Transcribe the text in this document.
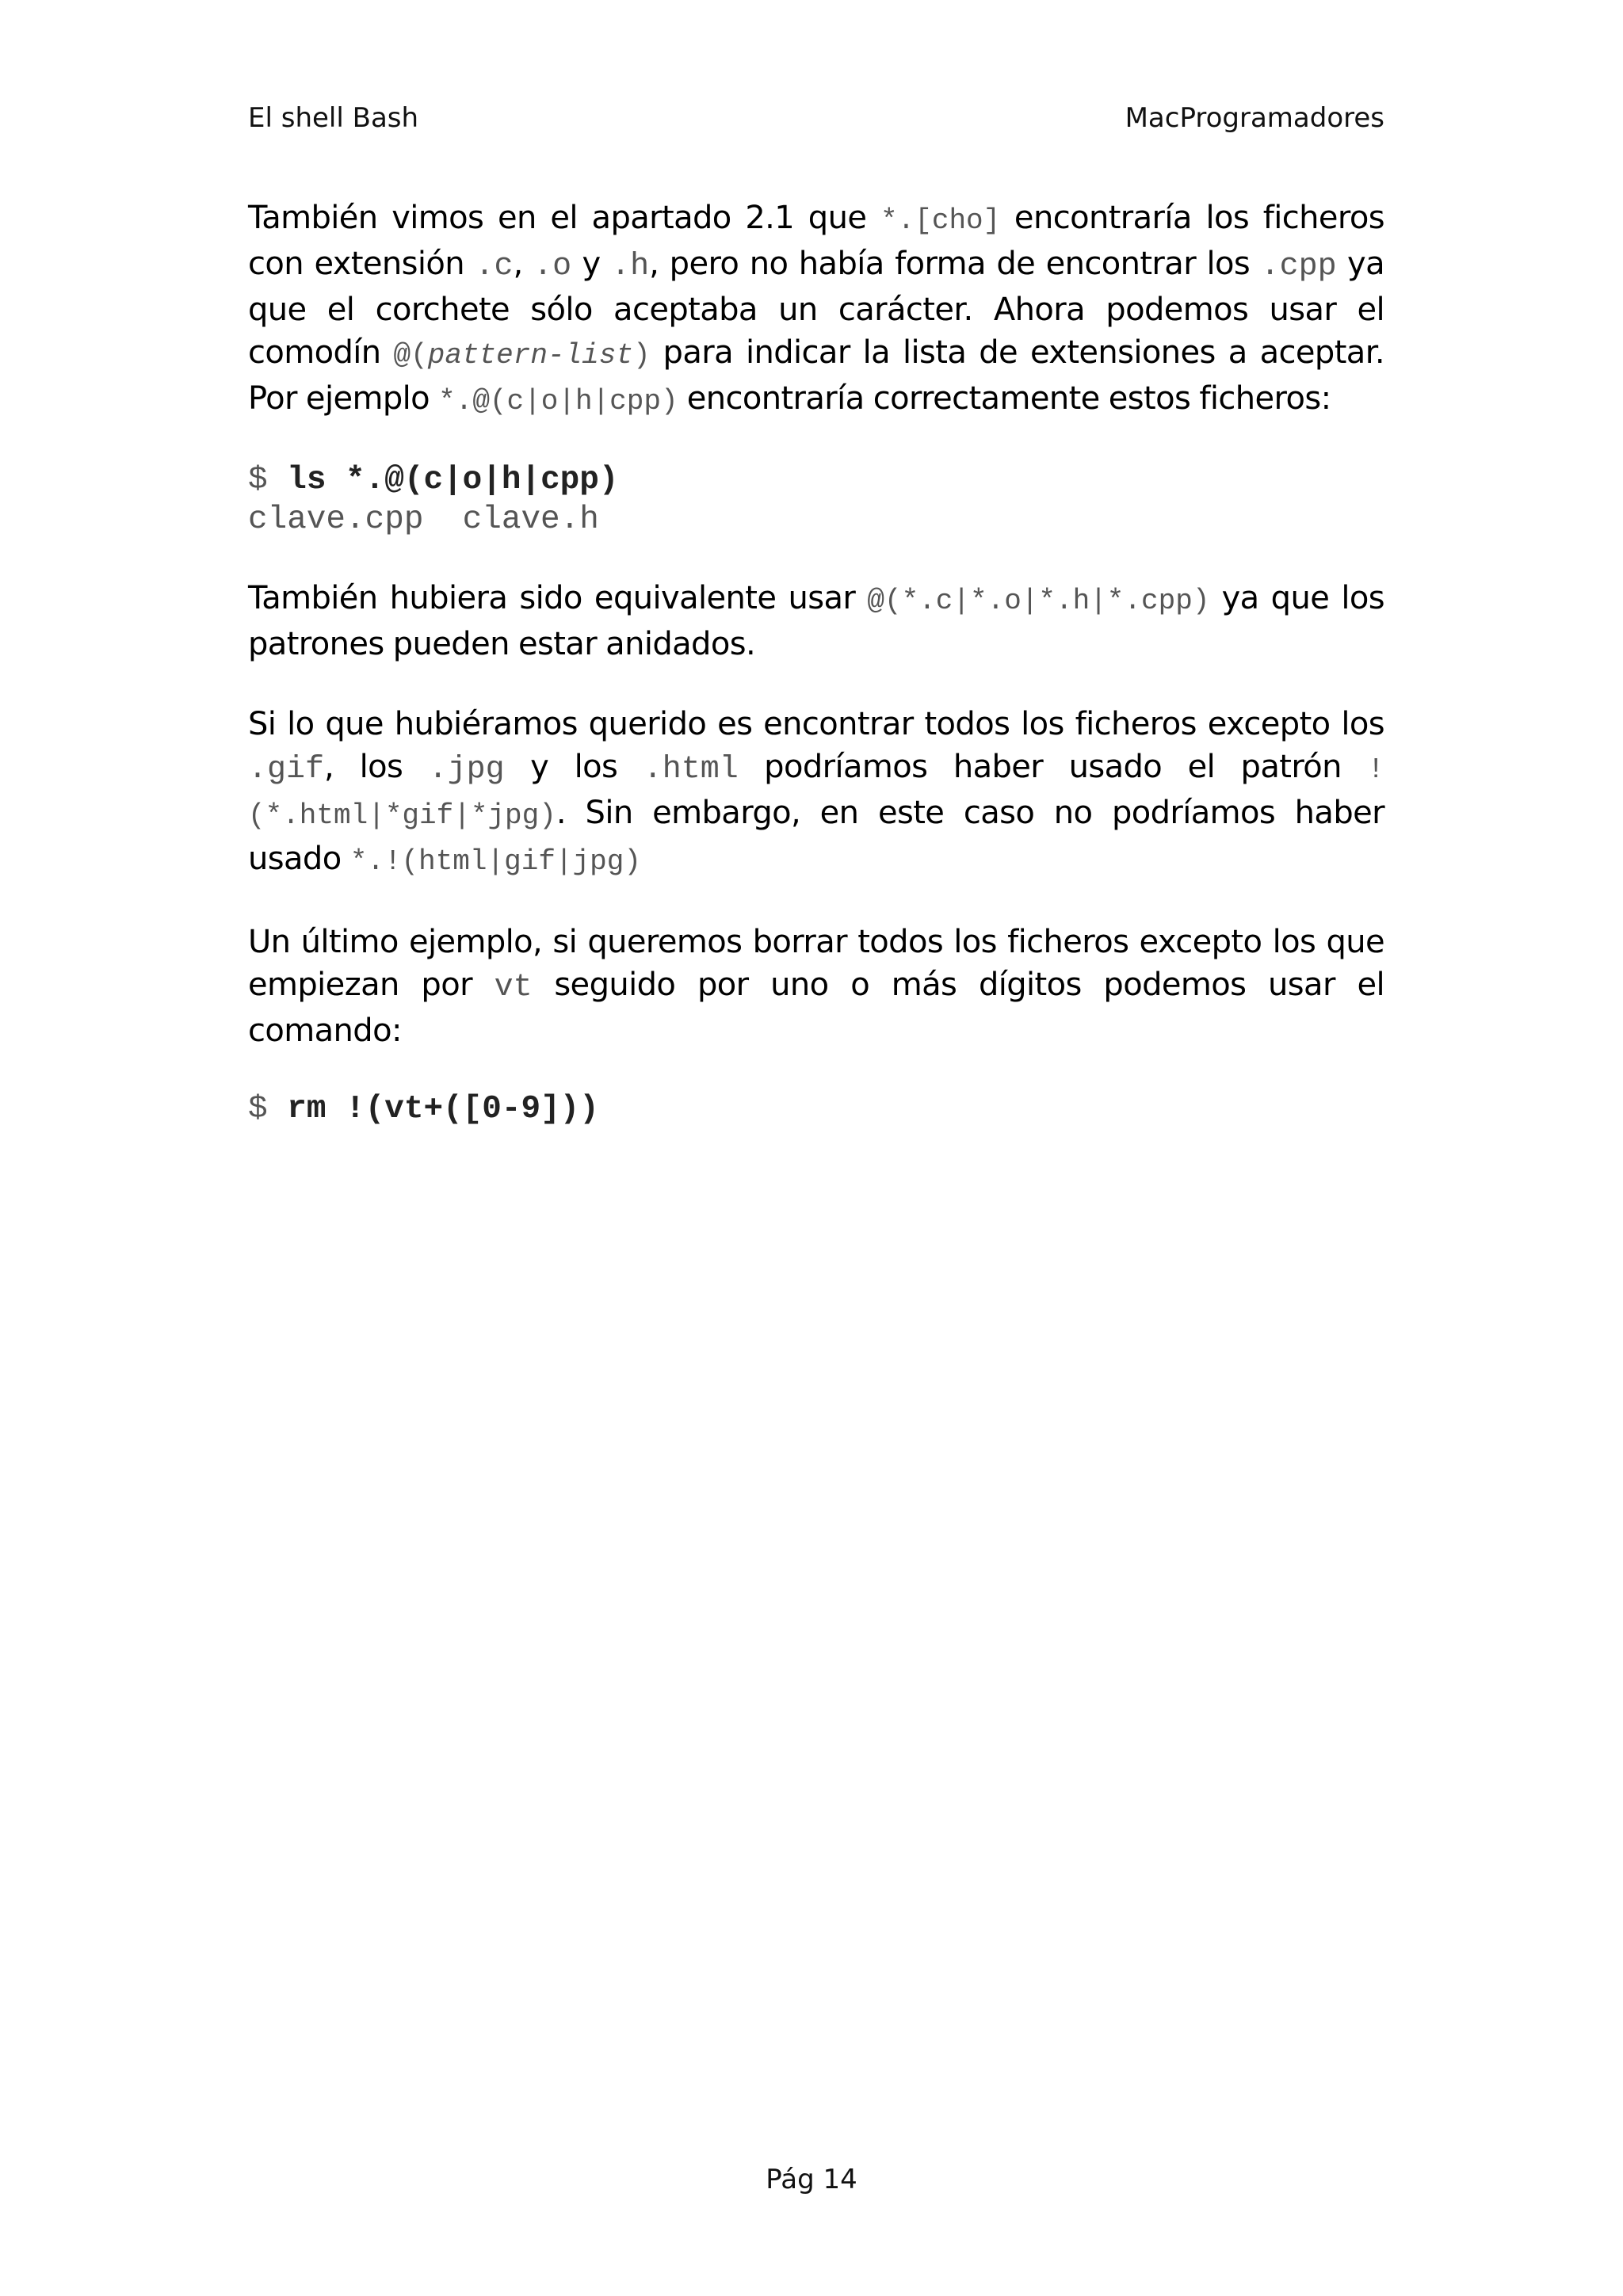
El shell Bash	MacProgramadores

También vimos en el apartado 2.1 que *.[cho] encontraría los ficheros con extensión .c, .o y .h, pero no había forma de encontrar los .cpp ya que el corchete sólo aceptaba un carácter. Ahora podemos usar el comodín @(pattern-list) para indicar la lista de extensiones a aceptar. Por ejemplo *.@(c|o|h|cpp) encontraría correctamente estos ficheros:

$ ls *.@(c|o|h|cpp)
clave.cpp  clave.h

También hubiera sido equivalente usar @(*.c|*.o|*.h|*.cpp) ya que los patrones pueden estar anidados.

Si lo que hubiéramos querido es encontrar todos los ficheros excepto los .gif, los .jpg y los .html podríamos haber usado el patrón !(*.html|*gif|*jpg). Sin embargo, en este caso no podríamos haber usado *.!(html|gif|jpg)

Un último ejemplo, si queremos borrar todos los ficheros excepto los que empiezan por vt seguido por uno o más dígitos podemos usar el comando:

$ rm !(vt+([0-9]))
Pág 14
